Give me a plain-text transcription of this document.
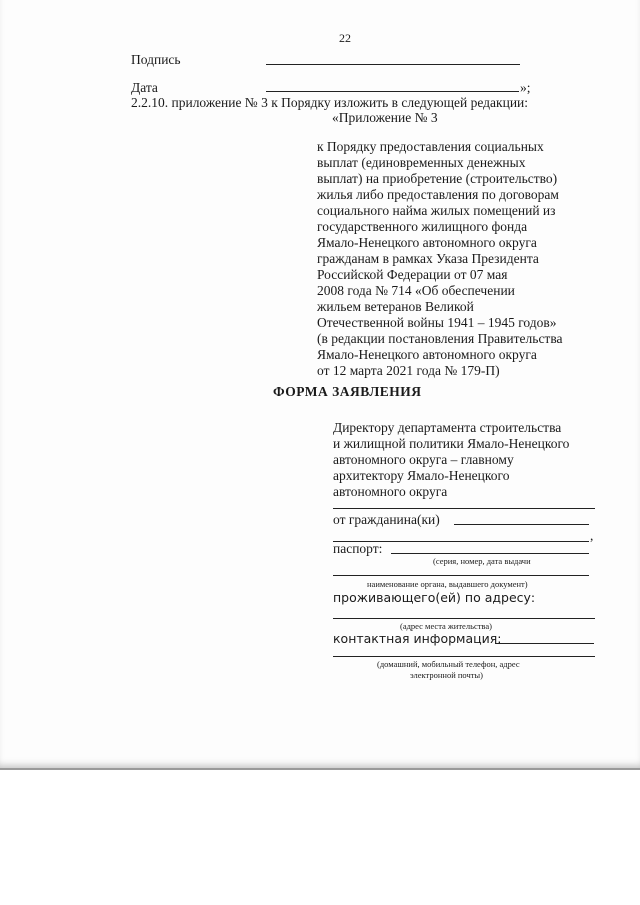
22
Подпись
Дата	»;
2.2.10. приложение № 3 к Порядку изложить в следующей редакции:
«Приложение № 3
к Порядку предоставления социальных
выплат (единовременных денежных
выплат) на приобретение (строительство)
жилья либо предоставления по договорам
социального найма жилых помещений из
государственного жилищного фонда
Ямало-Ненецкого автономного округа
гражданам в рамках Указа Президента
Российской Федерации от 07 мая
2008 года № 714 «Об обеспечении
жильем ветеранов Великой
Отечественной войны 1941 – 1945 годов»
(в редакции постановления Правительства
Ямало-Ненецкого автономного округа
от 12 марта 2021 года № 179-П)
ФОРМА ЗАЯВЛЕНИЯ
Директору департамента строительства
и жилищной политики Ямало-Ненецкого
автономного округа – главному
архитектору Ямало-Ненецкого
автономного округа
от гражданина(ки)
,
паспорт:
(серия, номер, дата выдачи
наименование органа, выдавшего документ)
проживающего(ей) по адресу:
(адрес места жительства)
контактная информация:
(домашний, мобильный телефон, адрес
электронной почты)
